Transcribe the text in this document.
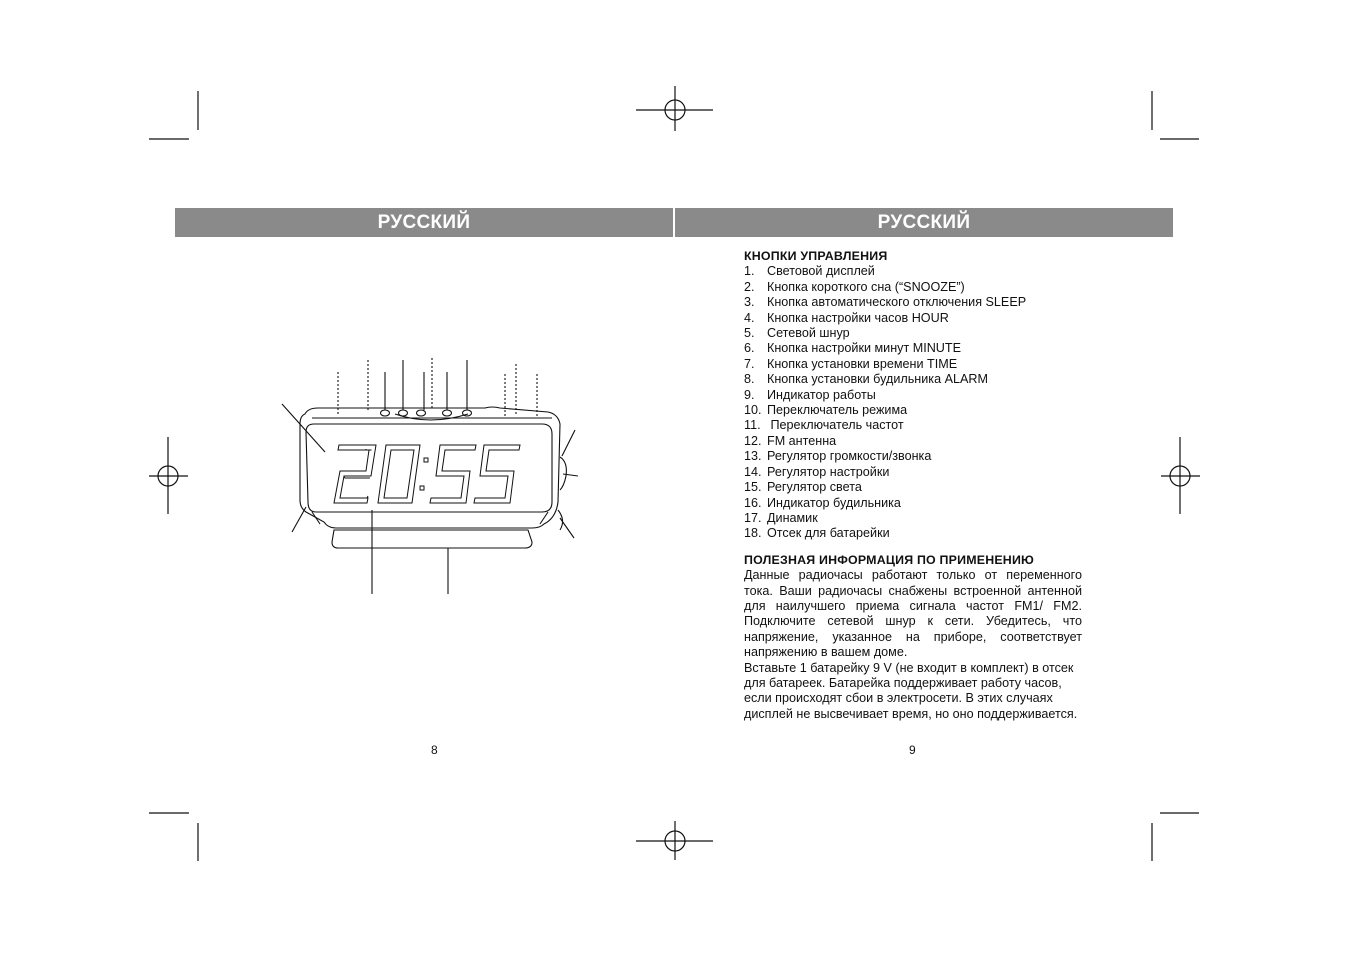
РУССКИЙ	РУССКИЙ
8

КНОПКИ УПРАВЛЕНИЯ

1. Световой дисплей
2. Кнопка короткого сна (“SNOOZE”)
3. Кнопка автоматического отключения SLEEP
4. Кнопка настройки часов HOUR
5. Сетевой шнур
6. Кнопка настройки минут MINUTE
7. Кнопка установки времени TIME
8. Кнопка установки будильника ALARM
9. Индикатор работы
10. Переключатель режима
11. Переключатель частот
12. FM антенна
13. Регулятор громкости/звонка
14. Регулятор настройки
15. Регулятор света
16. Индикатор будильника
17. Динамик
18. Отсек для батарейки

ПОЛЕЗНАЯ ИНФОРМАЦИЯ ПО ПРИМЕНЕНИЮ

Данные радиочасы работают только от переменного тока. Ваши радиочасы снабжены встроенной антенной для наилучшего приема сигнала частот FM1/ FM2. Подключите сетевой шнур к сети. Убедитесь, что напряжение, указанное на приборе, соответствует напряжению в вашем доме.

Вставьте 1 батарейку 9 V (не входит в комплект) в отсек для батареек. Батарейка поддерживает работу часов, если происходят сбои в электросети. В этих случаях дисплей не высвечивает время, но оно поддерживается.

9
